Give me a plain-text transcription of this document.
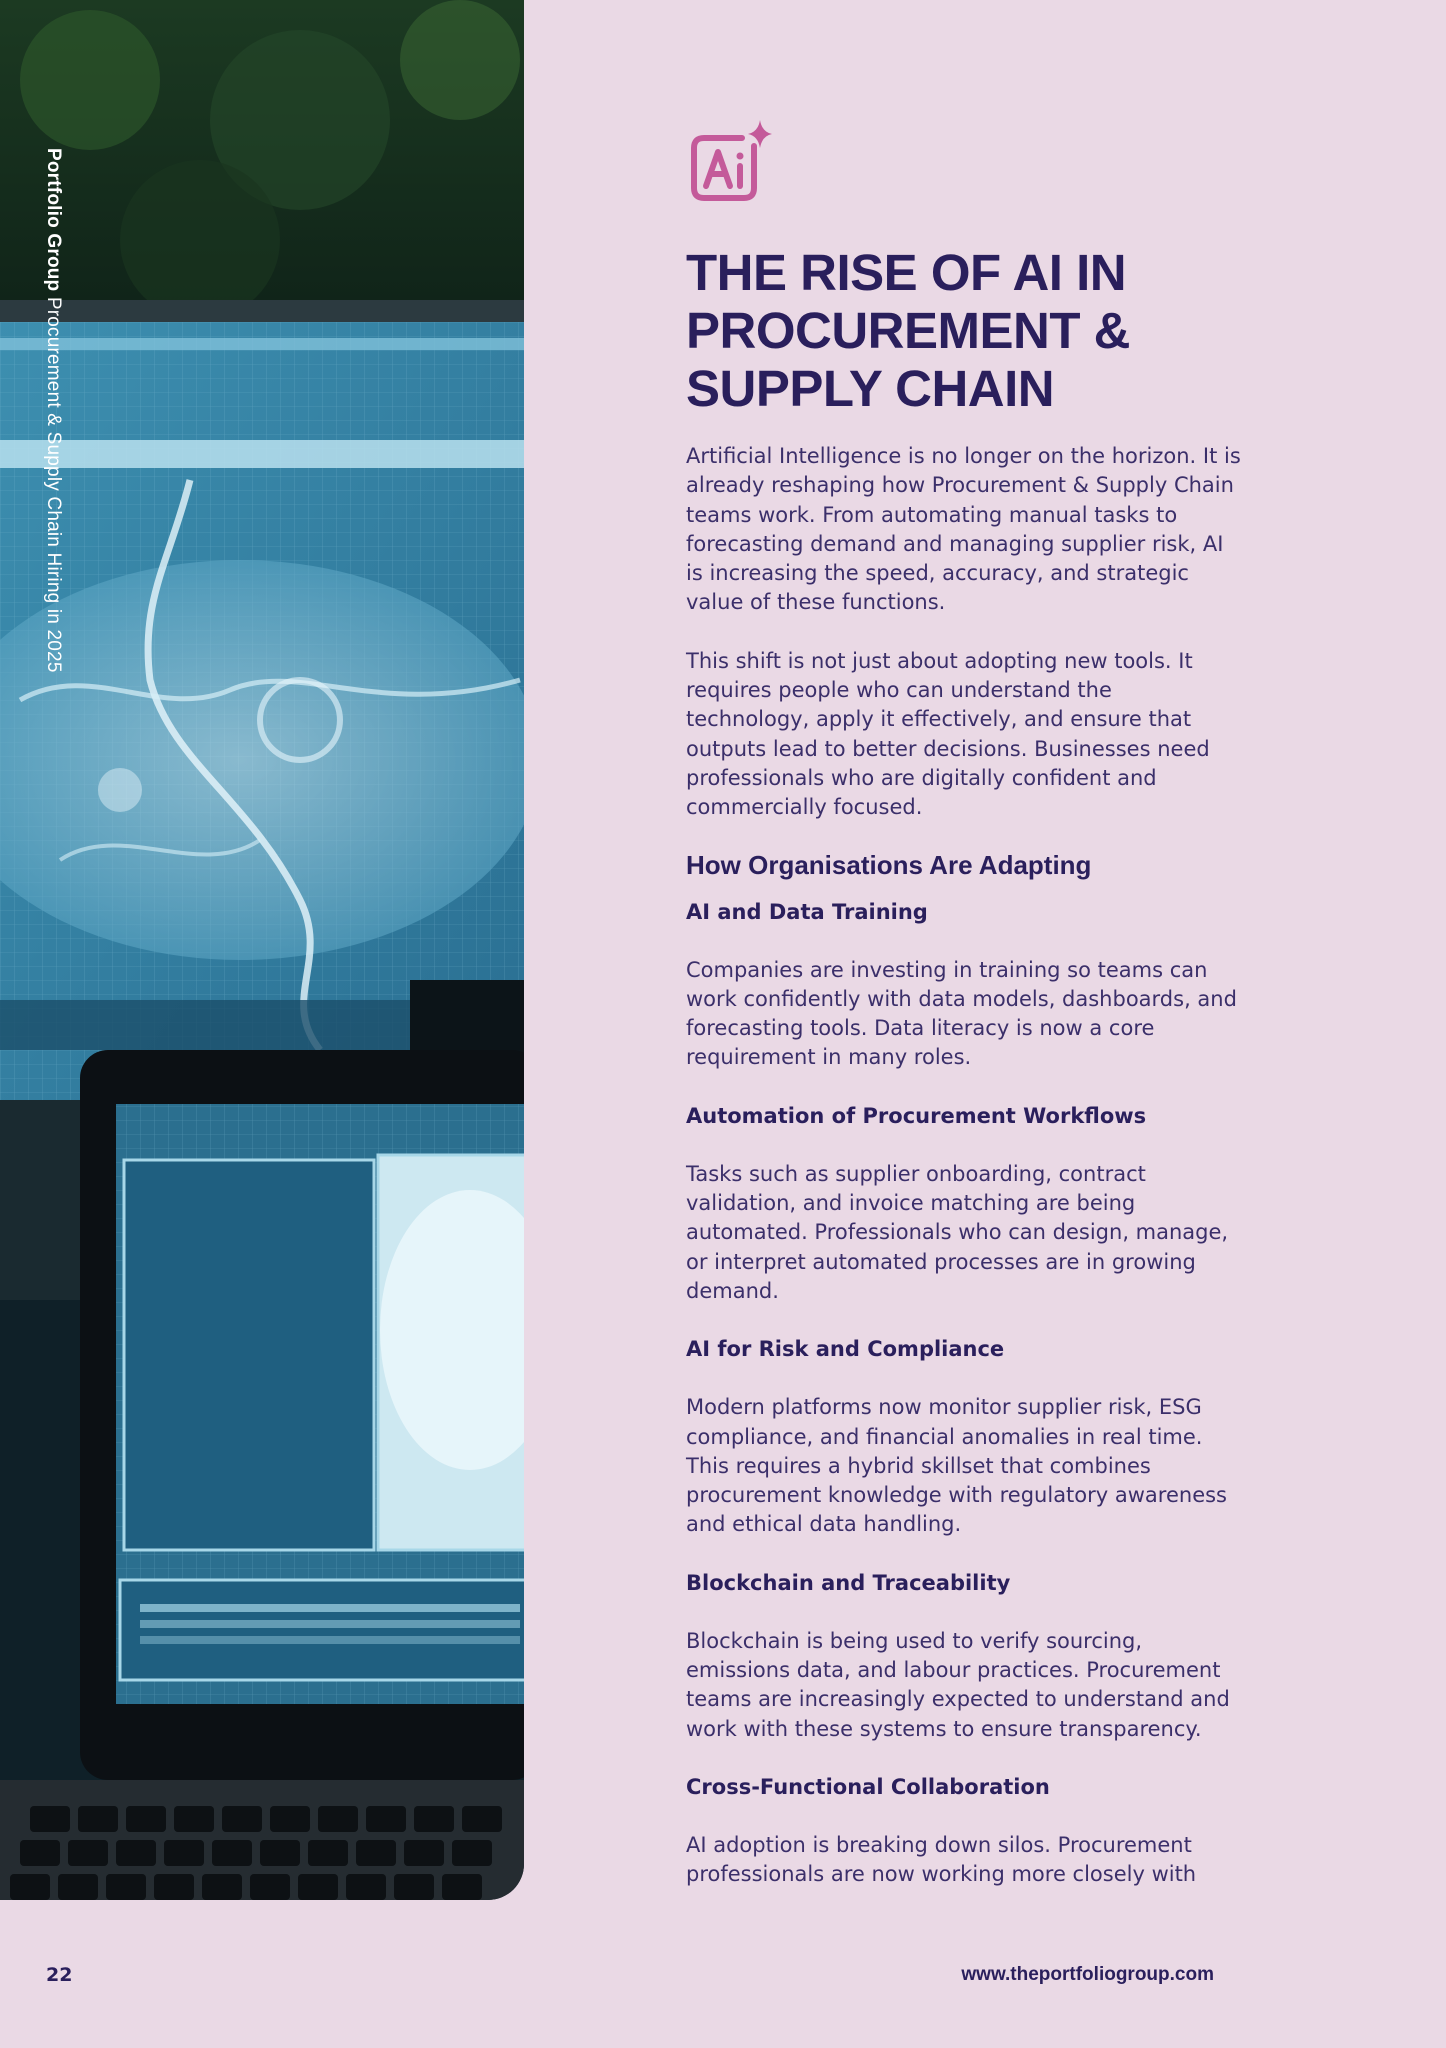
Portfolio Group Procurement & Supply Chain Hiring in 2025
THE RISE OF AI IN PROCUREMENT & SUPPLY CHAIN

Artificial Intelligence is no longer on the horizon. It is already reshaping how Procurement & Supply Chain teams work. From automating manual tasks to forecasting demand and managing supplier risk, AI is increasing the speed, accuracy, and strategic value of these functions.

This shift is not just about adopting new tools. It requires people who can understand the technology, apply it effectively, and ensure that outputs lead to better decisions. Businesses need professionals who are digitally confident and commercially focused.

How Organisations Are Adapting
AI and Data Training

Companies are investing in training so teams can work confidently with data models, dashboards, and forecasting tools. Data literacy is now a core requirement in many roles.

Automation of Procurement Workflows

Tasks such as supplier onboarding, contract validation, and invoice matching are being automated. Professionals who can design, manage, or interpret automated processes are in growing demand.

AI for Risk and Compliance

Modern platforms now monitor supplier risk, ESG compliance, and financial anomalies in real time. This requires a hybrid skillset that combines procurement knowledge with regulatory awareness and ethical data handling.

Blockchain and Traceability

Blockchain is being used to verify sourcing, emissions data, and labour practices. Procurement teams are increasingly expected to understand and work with these systems to ensure transparency.

Cross-Functional Collaboration

AI adoption is breaking down silos. Procurement professionals are now working more closely with

22	www.theportfoliogroup.com
